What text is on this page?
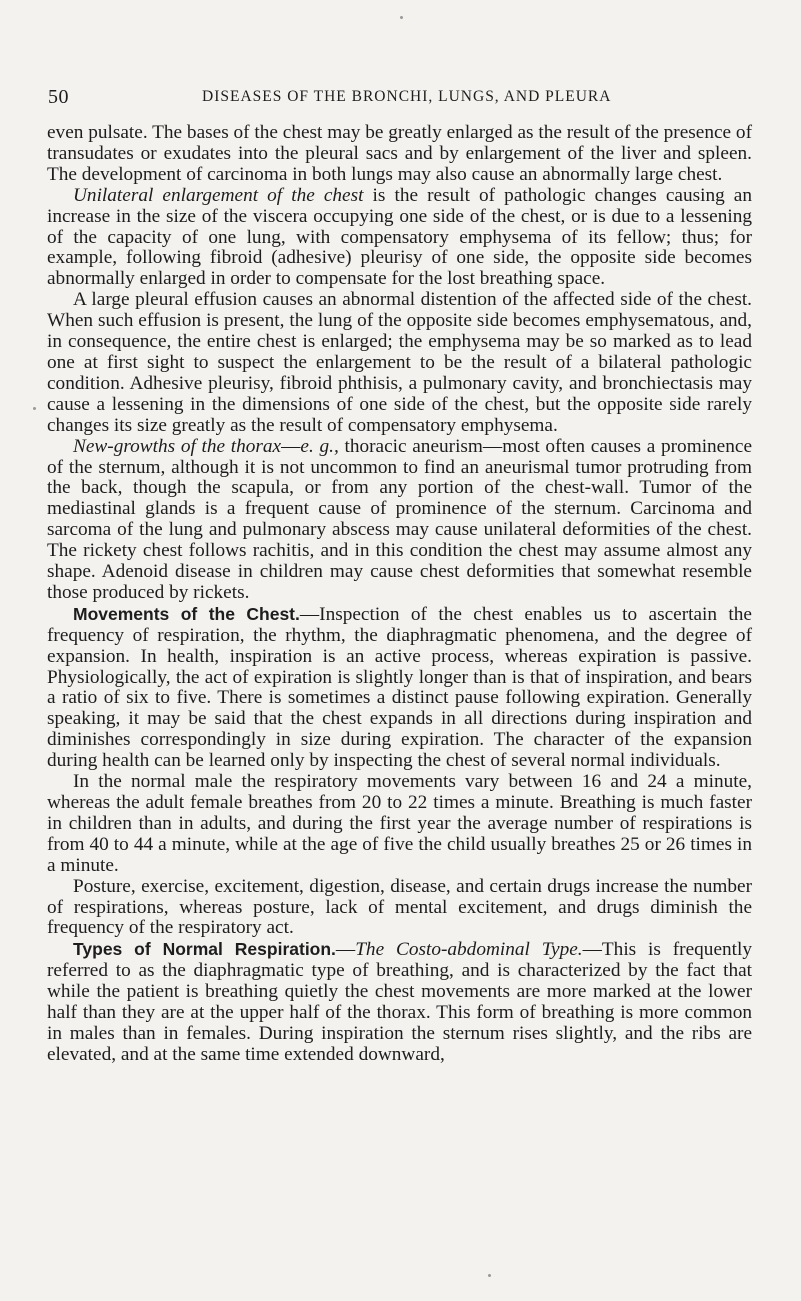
50	DISEASES OF THE BRONCHI, LUNGS, AND PLEURA

even pulsate. The bases of the chest may be greatly enlarged as the result of the presence of transudates or exudates into the pleural sacs and by enlargement of the liver and spleen. The development of carcinoma in both lungs may also cause an abnormally large chest.

Unilateral enlargement of the chest is the result of pathologic changes causing an increase in the size of the viscera occupying one side of the chest, or is due to a lessening of the capacity of one lung, with compensatory emphysema of its fellow; thus; for example, following fibroid (adhesive) pleurisy of one side, the opposite side becomes abnormally enlarged in order to compensate for the lost breathing space.

A large pleural effusion causes an abnormal distention of the affected side of the chest. When such effusion is present, the lung of the opposite side becomes emphysematous, and, in consequence, the entire chest is enlarged; the emphysema may be so marked as to lead one at first sight to suspect the enlargement to be the result of a bilateral pathologic condition. Adhesive pleurisy, fibroid phthisis, a pulmonary cavity, and bronchiectasis may cause a lessening in the dimensions of one side of the chest, but the opposite side rarely changes its size greatly as the result of compensatory emphysema.

New-growths of the thorax—e. g., thoracic aneurism—most often causes a prominence of the sternum, although it is not uncommon to find an aneurismal tumor protruding from the back, though the scapula, or from any portion of the chest-wall. Tumor of the mediastinal glands is a frequent cause of prominence of the sternum. Carcinoma and sarcoma of the lung and pulmonary abscess may cause unilateral deformities of the chest. The rickety chest follows rachitis, and in this condition the chest may assume almost any shape. Adenoid disease in children may cause chest deformities that somewhat resemble those produced by rickets.

Movements of the Chest.—Inspection of the chest enables us to ascertain the frequency of respiration, the rhythm, the diaphragmatic phenomena, and the degree of expansion. In health, inspiration is an active process, whereas expiration is passive. Physiologically, the act of expiration is slightly longer than is that of inspiration, and bears a ratio of six to five. There is sometimes a distinct pause following expiration. Generally speaking, it may be said that the chest expands in all directions during inspiration and diminishes correspondingly in size during expiration. The character of the expansion during health can be learned only by inspecting the chest of several normal individuals.

In the normal male the respiratory movements vary between 16 and 24 a minute, whereas the adult female breathes from 20 to 22 times a minute. Breathing is much faster in children than in adults, and during the first year the average number of respirations is from 40 to 44 a minute, while at the age of five the child usually breathes 25 or 26 times in a minute.

Posture, exercise, excitement, digestion, disease, and certain drugs increase the number of respirations, whereas posture, lack of mental excitement, and drugs diminish the frequency of the respiratory act.

Types of Normal Respiration.—The Costo-abdominal Type.—This is frequently referred to as the diaphragmatic type of breathing, and is characterized by the fact that while the patient is breathing quietly the chest movements are more marked at the lower half than they are at the upper half of the thorax. This form of breathing is more common in males than in females. During inspiration the sternum rises slightly, and the ribs are elevated, and at the same time extended downward,
